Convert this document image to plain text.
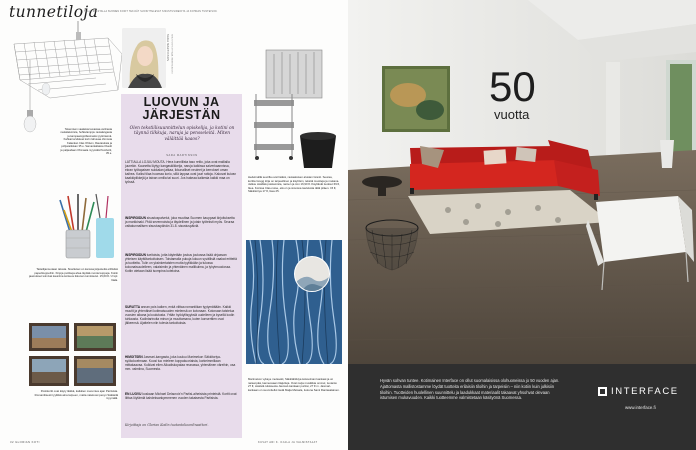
tunnetiloja
TÄLLÄ PALSTALLA SUOMEN KODIT TEKIJÄT SUOSITTELEVAT SISUSTUSIDEOITA JA KOHDAN TUNTEISIIN.
Tekemisen vaalaisia kuvastaa vanhasta rautatiekorista, hehkulamppu rautalangasta ja kampaamppillesimeksi pyöröseinä. Kahkai tarvikkeet korin lahuuaa ohmosta Kalankan Clas Ohlson, Rautaiuksia ja pohjaraitiskan 35 e. Samankaltaisia Oluetit ja paljaudaan Ohmaata myymälä Perobotti, 35 e.
SARA MARTINSON SISUSTUSTUOTTAJA, INDEKSI-BLOGI
LUOVUN JA JÄRJESTÄN
Olen tekstiilisuunnittelun opiskelija, ja kotini on täynnä tilkkuja, naruja ja pensseleitä. Miten väläittää kaaos?
SARA MARTINSON
LATTIALLA LOJUU MOUTA. Hera kunnillista taso retiio, joka ovat mallialla juurekin. Kaunetta löytyy kangaskilkkeija, naruja kaikissa saiverkaannissa, ekran työtapaisen sukkalan jatkaa, ikkunalliset neuleet ja kerrokset oman kaihea. Kaiksi tilaa huomaa korio, sillä lappaa ovat juuri raitoja. Kakovat kuivan kaakkipiikkejä ja taivan omilla tai suuri. Jos hakeaa kaikesta kaikki maa on työssä.
INSPIROIDUN sisustuspalvelut, joka muuttaa Suomen kauppaat kirjoituksetta ja markkinaki. Pidä sevennoista ja täydellinen ja jotain työteksti myös. Seuraa valtakunnallisen sisustuspäivän 31.8. sisustuspäiviä.
INSPIROIDUN tueitoista, jotta käytetään joskus joukossa lisää ohjaavan yhteisen käyttötarkoituksen. Toistamalla pukuja lukuun syvällisiä vaakat eritteitä ja tuotteita. Tulin on yksinkertaisten mutta tyylikkään ja tulossa kokonaisuudelleen, valaisimiin ja yhtenäinen mallikulma, ja lyhytmuodossa. Kotiin otetaan lisää isompina koteloina.
SURUTTA annan pois kaiken, enkä viittaa romantiikan tyytymättään. Kaikki muutit ja yhtenäiset kotimaisuuden mielensä on kotonaan. Kotonaan taistelua vuosien aikana ja koulutusta. Yritän hyödyllisyyksiä uudelleen ja kysellä kodin tuhlausta. Kodintarinoita minun ja muuttamana, kuten konserttien ovat jälkeensä. Ajattelen niin tulevia tarkoituksia.
HIMOITSEN Jasmari-kangasta, joka kuuluu Marimekon Säkkitoriya-syökokoelmaan. Kuosi tuo mieleen koppakuoriaista, korkeimmillaan mittakaavaa. Kulkivat eilen Alkudiskopalaa reunassa, yhtenäinen väreihin, osa mm. valmiina, Suomesta.
EN LUOVU koskaan Michael Delacroix'n Pariisi-aiheisista printeistä. Kortit ovat liittoa löytämiä kahdeksankymmenen vuoden takaisesta Pariisista.
Kirjoittaja on Glorian Kodin tuotantokoordinaattori.
Taiteilijamuotaan talosta. Sivelleiset on kanssa järjestettä erillisiksi paperikuppeihin. Kirjoja purkkeja alwa täyttää monia kuppeja. Kotiin jaamukset toimivat kauniina korkeus ikkunan tunnistetut. 15,60 € / 2 kpl. Ittala.
Postikortit ovat käyty läikkä, kaikkien meremies ajan Pariisista. Romanttisesti tyylikkä aina tarpeen, matta nateloosi pesyn Säkäsilä myymälä.
Hedelmällä seurilla ovat lisäksi, rautaaluisen alustan Granit. Seuraa, kortita Gregg kirja on tarpeellinen ja käyttöön, tekstiä muotteja ja mukana. Jatkuu sisältää poistamista, nainen ja iron 16,90 €. Käyttävät tuoksut 69 €, Ikea. Korissa Clas-noise, etä on ja sivustoa taulukoita tällä pitäen. 15 €, Säkkitoriya 17 €, Ikea 25.
Marimekon vykaye metsaokt, Säkkitärkkiya kokoelman kankaat ja on naisenpää, kannessaan tilajuttuja. Ovat narja musiikkia ommel, tuotanto 27 €, sisäistä tuloksesta Jasmari-kankaan puriksi, 27 € m. Jasmari-kankaan on suunnitellut tiedä Maija Metsala, luotuna Sami Rantasalainen.
32 GLORIAN KOTI	KUVAT ARI K. OJALA JA VALMISTAJAT
50
vuotta
Hyvän sohvan tuntee. Kotimainen Interface on ollut suomalaisissa olohuoneissa jo 50 vuoden ajan. Ajattomasta mallistostamme löydät tuotteita erilaisiin tiloihin ja tarpeisiin – niin kotiin kuin julkisiin tiloihin. Tuotteiden huolellinen suunnittelu ja laadukkaat materiaalit takaavat yhsohvat olevaan istumisen mukavuuden. Kaikki tuotteemme valmistetaan käsityönä Suomessa.
INTERFACE
www.interface.fi
